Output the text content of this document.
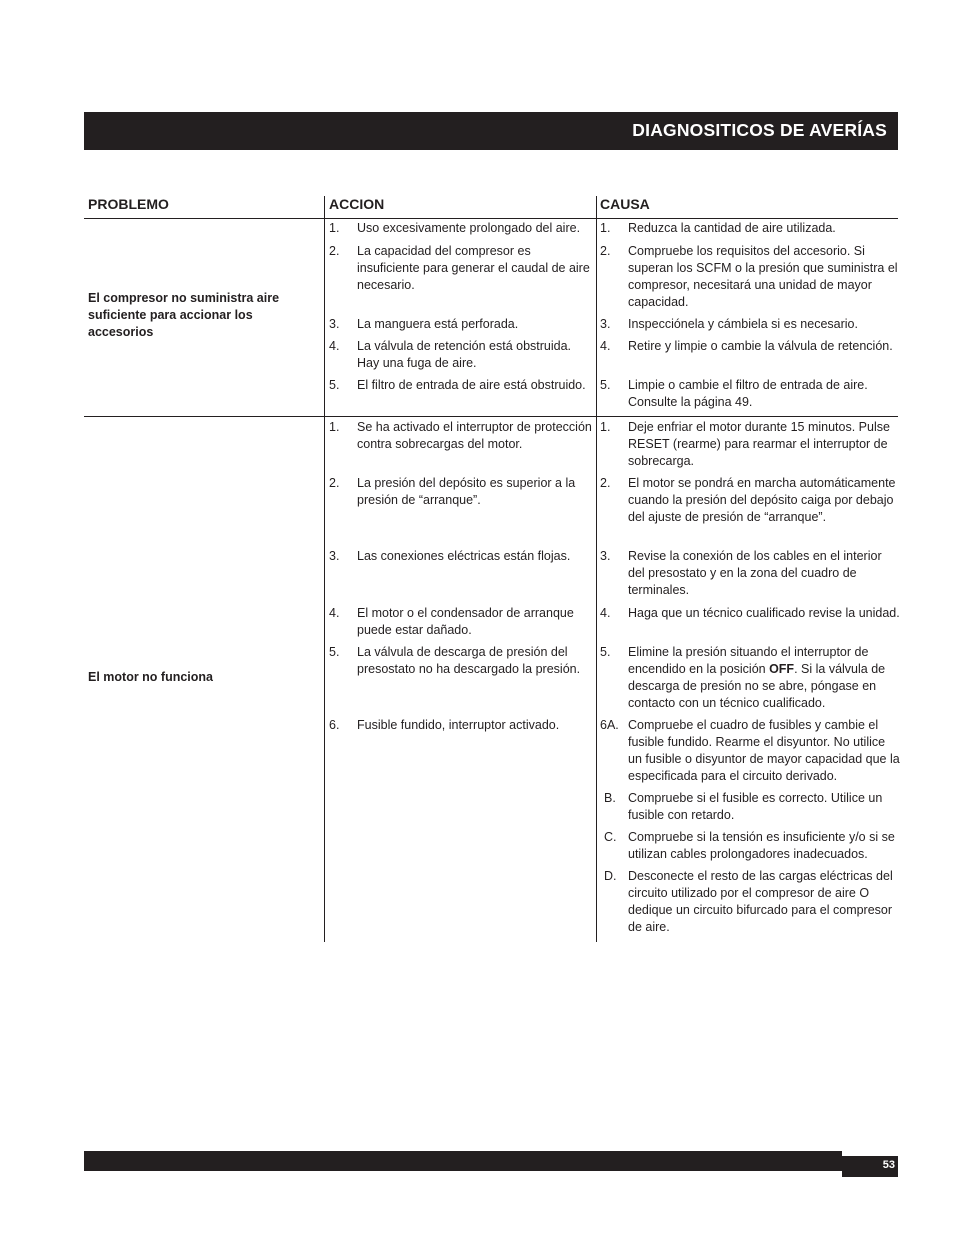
DIAGNOSITICOS DE AVERÍAS
PROBLEMO	ACCION	CAUSA
El compresor no suministra aire suficiente para accionar los accesorios
1. Uso excesivamente prolongado del aire.
2. La capacidad del compresor es insuficiente para generar el caudal de aire necesario.
3. La manguera está perforada.
4. La válvula de retención está obstruida. Hay una fuga de aire.
5. El filtro de entrada de aire está obstruido.
1. Reduzca la cantidad de aire utilizada.
2. Compruebe los requisitos del accesorio. Si superan los SCFM o la presión que suministra el compresor, necesitará una unidad de mayor capacidad.
3. Inspecciónela y cámbiela si es necesario.
4. Retire y limpie o cambie la válvula de retención.
5. Limpie o cambie el filtro de entrada de aire. Consulte la página 49.
El motor no funciona
1. Se ha activado el interruptor de protección contra sobrecargas del motor.
2. La presión del depósito es superior a la presión de “arranque”.
3. Las conexiones eléctricas están flojas.
4. El motor o el condensador de arranque puede estar dañado.
5. La válvula de descarga de presión del presostato no ha descargado la presión.
6. Fusible fundido, interruptor activado.
1. Deje enfriar el motor durante 15 minutos. Pulse RESET (rearme) para rearmar el interruptor de sobrecarga.
2. El motor se pondrá en marcha automáticamente cuando la presión del depósito caiga por debajo del ajuste de presión de “arranque”.
3. Revise la conexión de los cables en el interior del presostato y en la zona del cuadro de terminales.
4. Haga que un técnico cualificado revise la unidad.
5. Elimine la presión situando el interruptor de encendido en la posición OFF. Si la válvula de descarga de presión no se abre, póngase en contacto con un técnico cualificado.
6A. Compruebe el cuadro de fusibles y cambie el fusible fundido. Rearme el disyuntor. No utilice un fusible o disyuntor de mayor capacidad que la especificada para el circuito derivado.
B. Compruebe si el fusible es correcto. Utilice un fusible con retardo.
C. Compruebe si la tensión es insuficiente y/o si se utilizan cables prolongadores inadecuados.
D. Desconecte el resto de las cargas eléctricas del circuito utilizado por el compresor de aire O dedique un circuito bifurcado para el compresor de aire.
53
